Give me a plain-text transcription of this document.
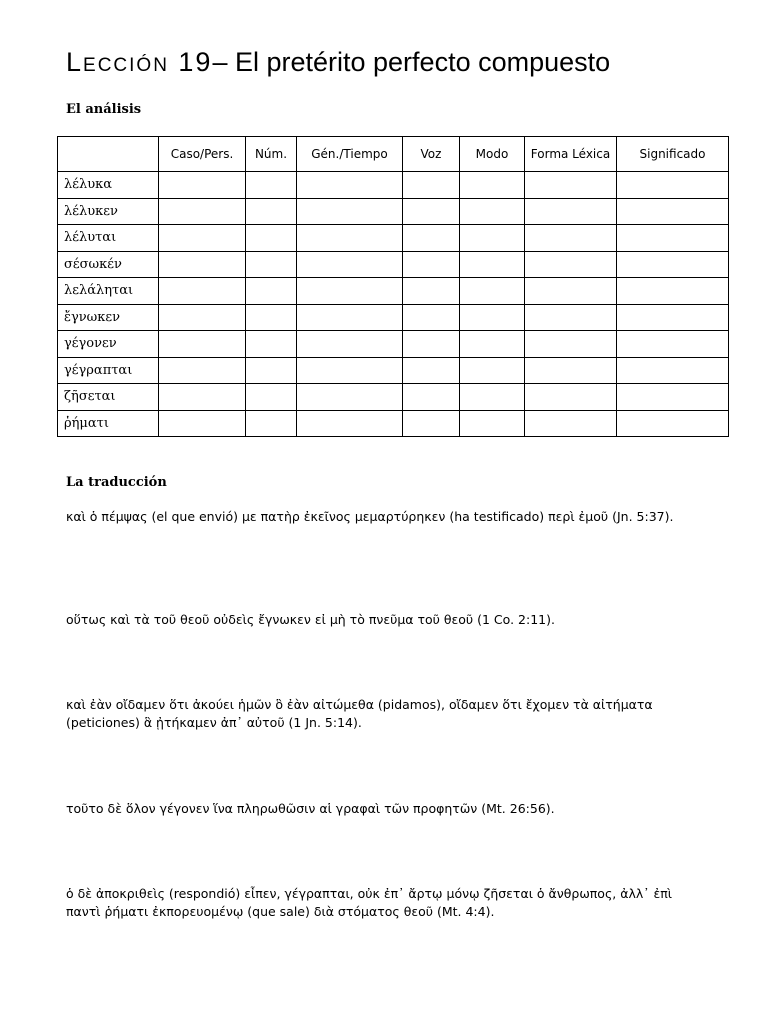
Lección 19– El pretérito perfecto compuesto
El análisis
	Caso/Pers.	Núm.	Gén./Tiempo	Voz	Modo	Forma Léxica	Significado
λέλυκα							
λέλυκεν							
λέλυται							
σέσωκέν							
λελάληται							
ἔγνωκεν							
γέγονεν							
γέγραπται							
ζῆσεται							
ῥήματι							
La traducción
καὶ ὁ πέμψας (el que envió) με πατὴρ ἐκεῖνος μεμαρτύρηκεν (ha testificado) περὶ ἐμοῦ (Jn. 5:37).
οὕτως καὶ τὰ τοῦ θεοῦ οὐδεὶς ἔγνωκεν εἰ μὴ τὸ πνεῦμα τοῦ θεοῦ (1 Co. 2:11).
καὶ ἐὰν οἴδαμεν ὅτι ἀκούει ἡμῶν ὃ ἐὰν αἰτώμεθα (pidamos), οἴδαμεν ὅτι ἔχομεν τὰ αἰτήματα (peticiones) ἃ ᾐτήκαμεν ἀπ᾽ αὐτοῦ (1 Jn. 5:14).
τοῦτο δὲ ὅλον γέγονεν ἵνα πληρωθῶσιν αἱ γραφαὶ τῶν προφητῶν (Mt. 26:56).
ὁ δὲ ἀποκριθεὶς (respondió) εἶπεν, γέγραπται, οὐκ ἐπ᾽ ἄρτῳ μόνῳ ζῆσεται ὁ ἄνθρωπος, ἀλλ᾽ ἐπὶ παντὶ ῥήματι ἐκπορευομένῳ (que sale) διὰ στόματος θεοῦ (Mt. 4:4).
